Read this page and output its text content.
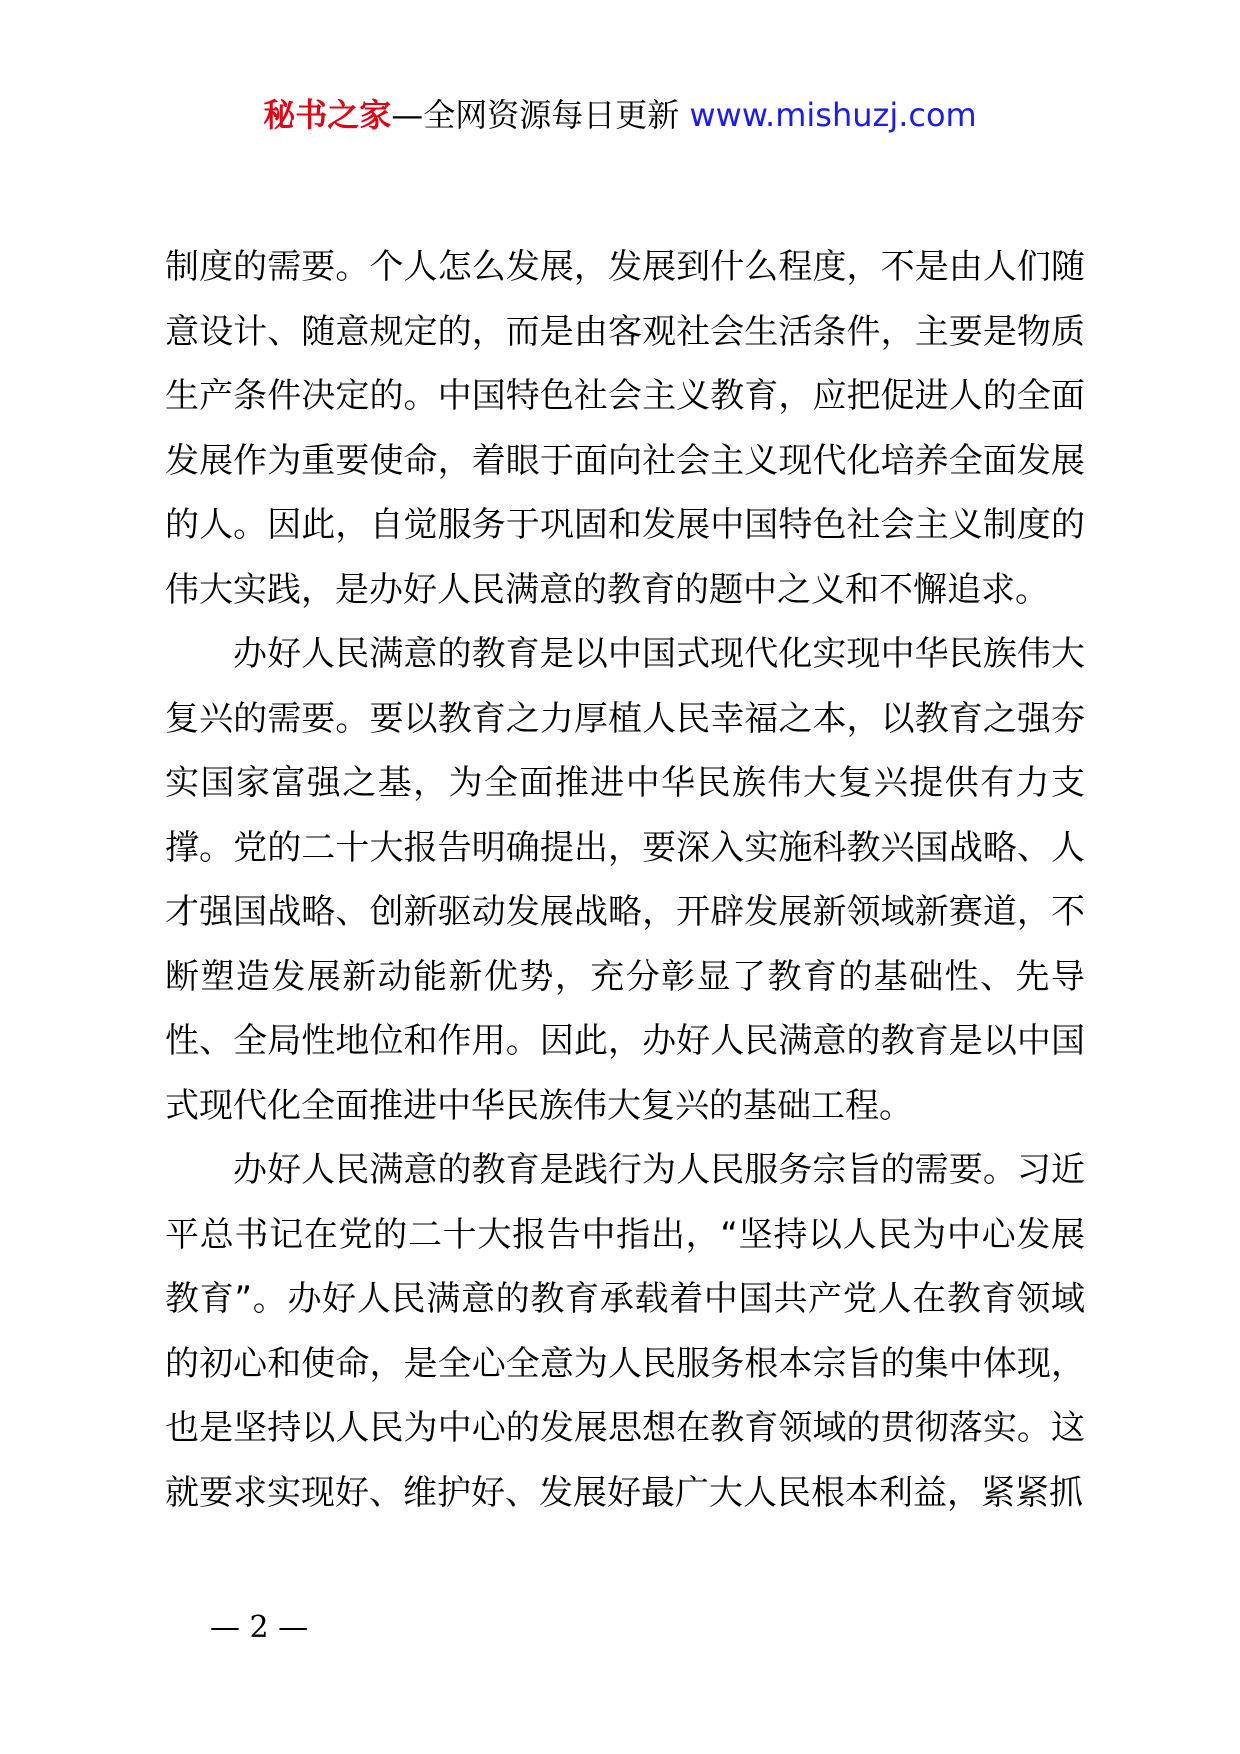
秘书之家—全网资源每日更新 www.mishuzj.com

制度的需要。个人怎么发展，发展到什么程度，不是由人们随意设计、随意规定的，而是由客观社会生活条件，主要是物质生产条件决定的。中国特色社会主义教育，应把促进人的全面发展作为重要使命，着眼于面向社会主义现代化培养全面发展的人。因此，自觉服务于巩固和发展中国特色社会主义制度的伟大实践，是办好人民满意的教育的题中之义和不懈追求。

办好人民满意的教育是以中国式现代化实现中华民族伟大复兴的需要。要以教育之力厚植人民幸福之本，以教育之强夯实国家富强之基，为全面推进中华民族伟大复兴提供有力支撑。党的二十大报告明确提出，要深入实施科教兴国战略、人才强国战略、创新驱动发展战略，开辟发展新领域新赛道，不断塑造发展新动能新优势，充分彰显了教育的基础性、先导性、全局性地位和作用。因此，办好人民满意的教育是以中国式现代化全面推进中华民族伟大复兴的基础工程。

办好人民满意的教育是践行为人民服务宗旨的需要。习近平总书记在党的二十大报告中指出，“坚持以人民为中心发展教育”。办好人民满意的教育承载着中国共产党人在教育领域的初心和使命，是全心全意为人民服务根本宗旨的集中体现，也是坚持以人民为中心的发展思想在教育领域的贯彻落实。这就要求实现好、维护好、发展好最广大人民根本利益，紧紧抓

— 2 —
